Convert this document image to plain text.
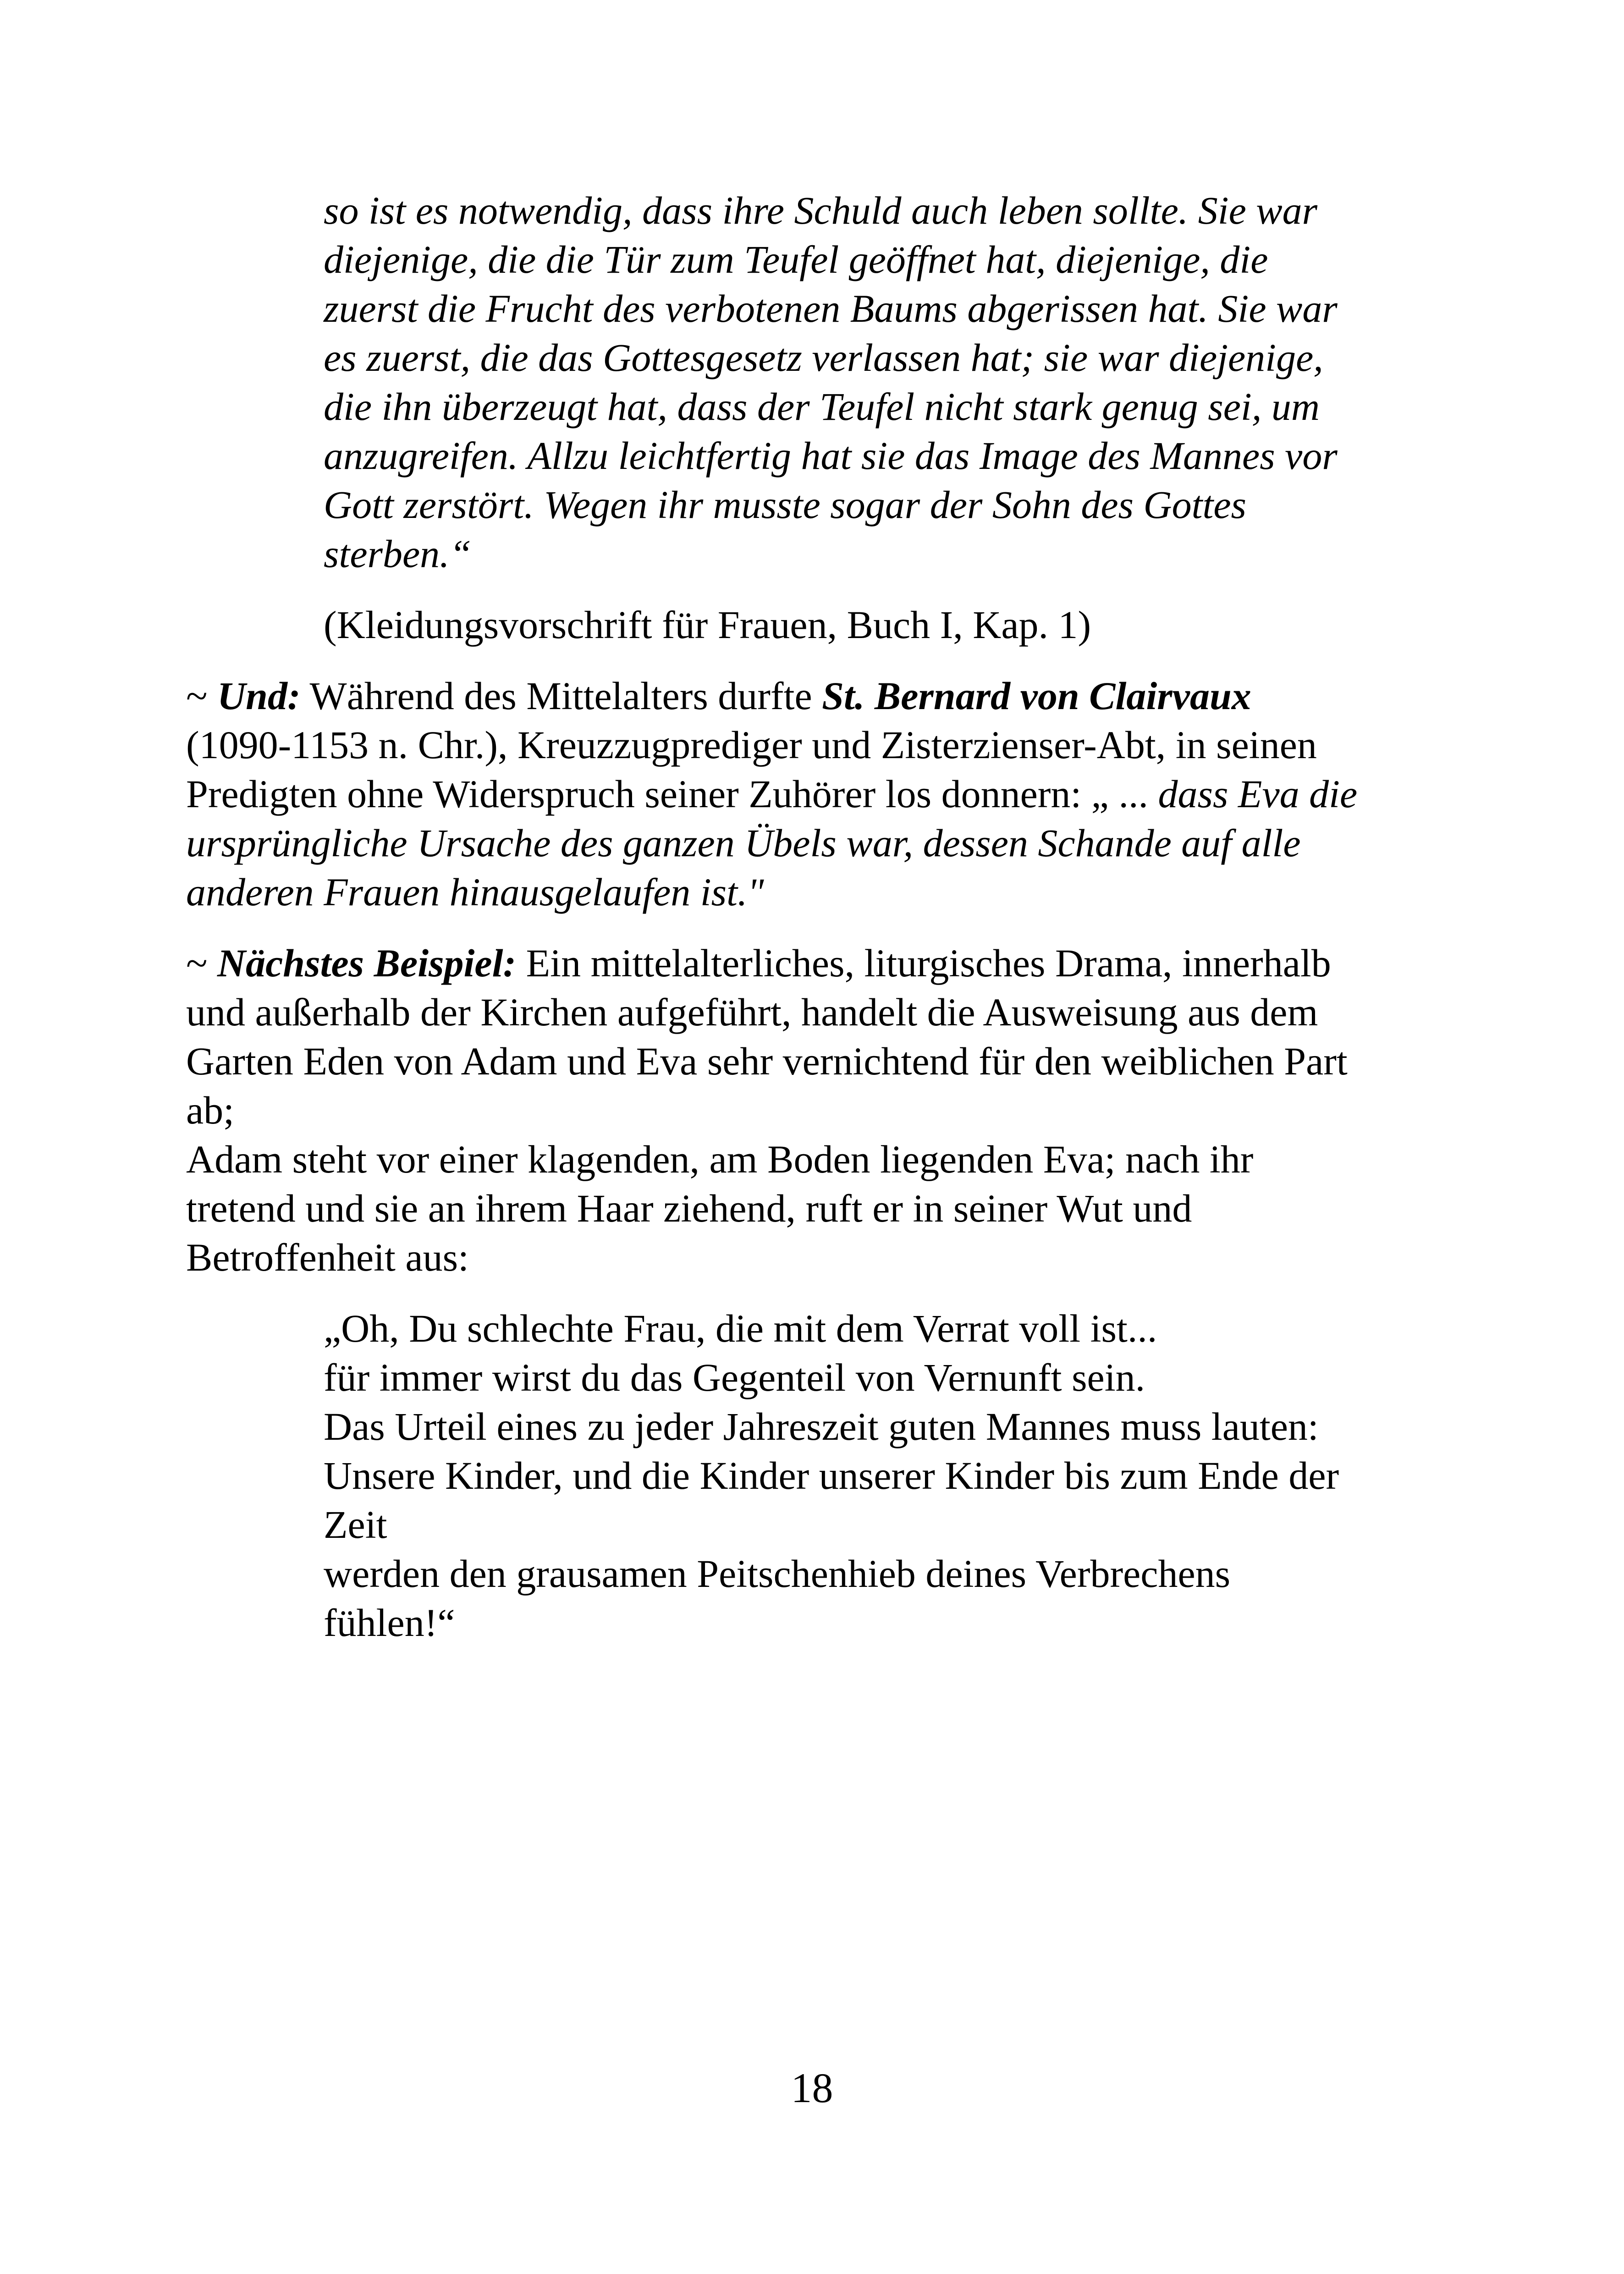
so ist es notwendig, dass ihre Schuld auch leben sollte. Sie war
diejenige, die die Tür zum Teufel geöffnet hat, diejenige, die
zuerst die Frucht des verbotenen Baums abgerissen hat. Sie war
es zuerst, die das Gottesgesetz verlassen hat; sie war diejenige,
die ihn überzeugt hat, dass der Teufel nicht stark genug sei, um
anzugreifen. Allzu leichtfertig hat sie das Image des Mannes vor
Gott zerstört. Wegen ihr musste sogar der Sohn des Gottes
sterben.“
(Kleidungsvorschrift für Frauen, Buch I, Kap. 1)
~ Und: Während des Mittelalters durfte St. Bernard von Clairvaux
(1090-1153 n. Chr.), Kreuzzugprediger und Zisterzienser-Abt, in seinen
Predigten ohne Widerspruch seiner Zuhörer los donnern: „ ... dass Eva die
ursprüngliche Ursache des ganzen Übels war, dessen Schande auf alle
anderen Frauen hinausgelaufen ist."
~ Nächstes Beispiel: Ein mittelalterliches, liturgisches Drama, innerhalb
und außerhalb der Kirchen aufgeführt, handelt die Ausweisung aus dem
Garten Eden von Adam und Eva sehr vernichtend für den weiblichen Part
ab;
Adam steht vor einer klagenden, am Boden liegenden Eva; nach ihr
tretend und sie an ihrem Haar ziehend, ruft er in seiner Wut und
Betroffenheit aus:
„Oh, Du schlechte Frau, die mit dem Verrat voll ist...
für immer wirst du das Gegenteil von Vernunft sein.
Das Urteil eines zu jeder Jahreszeit guten Mannes muss lauten:
Unsere Kinder, und die Kinder unserer Kinder bis zum Ende der
Zeit
werden den grausamen Peitschenhieb deines Verbrechens
fühlen!“
18
